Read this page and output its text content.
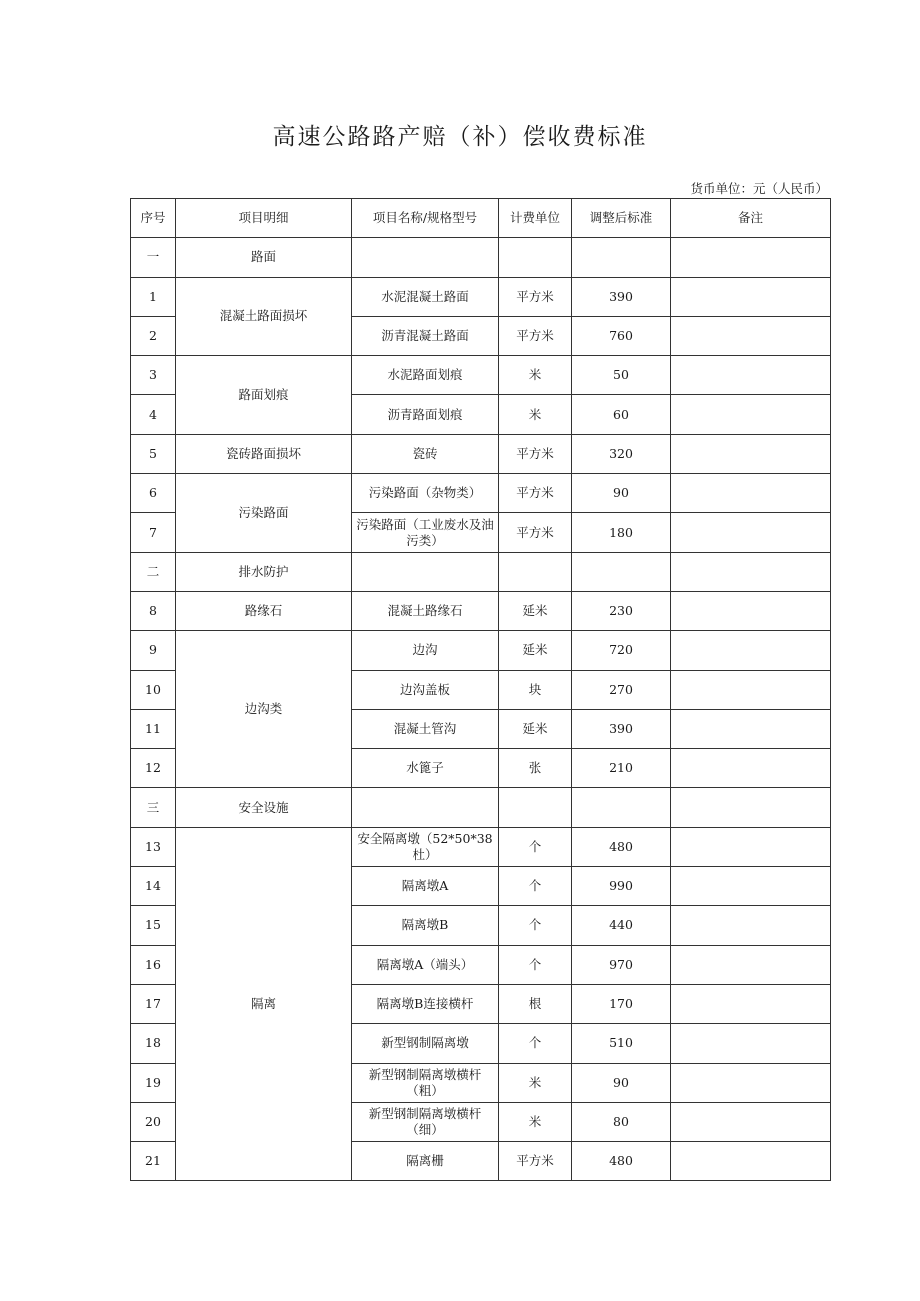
高速公路路产赔（补）偿收费标准
货币单位：元（人民币）
序号	项目明细	项目名称/规格型号	计费单位	调整后标准	备注
一	路面				
1	混凝土路面损坏	水泥混凝土路面	平方米	390	
2		沥青混凝土路面	平方米	760	
3	路面划痕	水泥路面划痕	米	50	
4		沥青路面划痕	米	60	
5	瓷砖路面损坏	瓷砖	平方米	320	
6	污染路面	污染路面（杂物类）	平方米	90	
7		污染路面（工业废水及油污类）	平方米	180	
二	排水防护				
8	路缘石	混凝土路缘石	延米	230	
9	边沟类	边沟	延米	720	
10		边沟盖板	块	270	
11		混凝土管沟	延米	390	
12		水篦子	张	210	
三	安全设施				
13	隔离	安全隔离墩（52*50*38杜）	个	480	
14		隔离墩A	个	990	
15		隔离墩B	个	440	
16		隔离墩A（端头）	个	970	
17		隔离墩B连接横杆	根	170	
18		新型钢制隔离墩	个	510	
19		新型钢制隔离墩横杆（粗）	米	90	
20		新型钢制隔离墩横杆（细）	米	80	
21		隔离栅	平方米	480	
